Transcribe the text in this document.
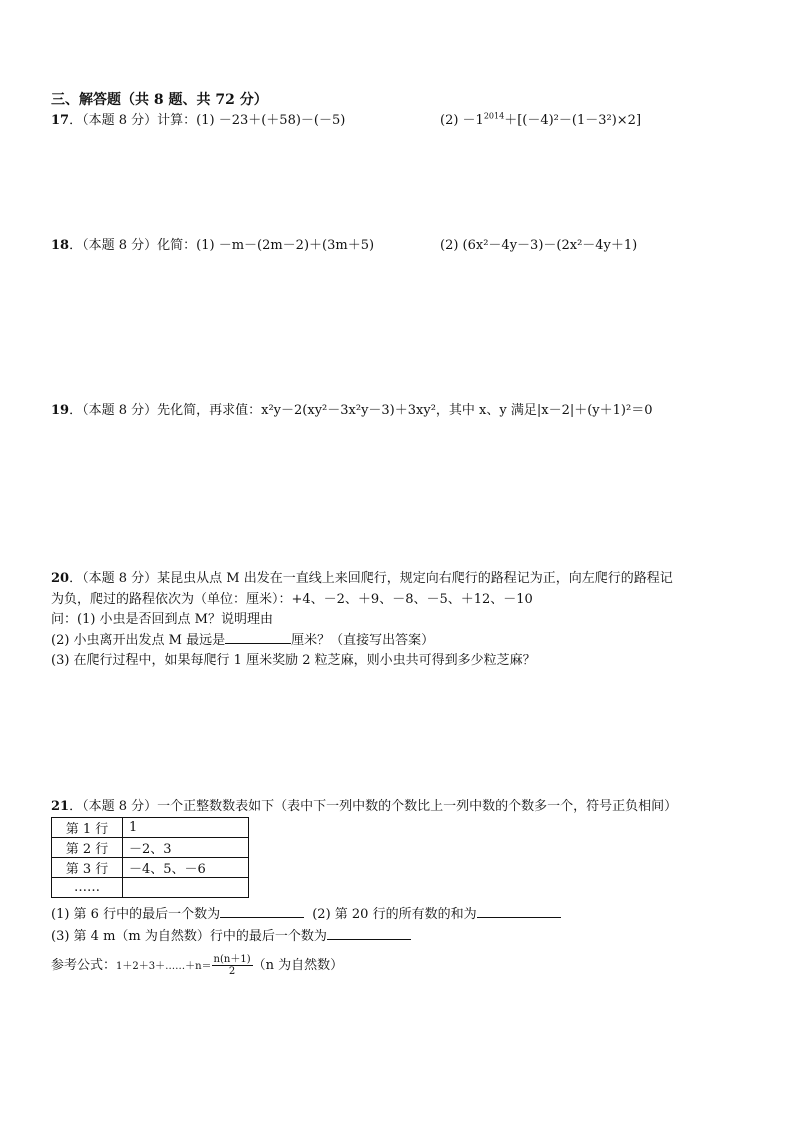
三、解答题（共 8 题、共 72 分）
17．（本题 8 分）计算：(1) －23＋(＋58)－(－5)	$(2) -1^{2014}+[(-4)^2-(1-3^2)\times 2]$
18．（本题 8 分）化简：(1) －m－(2m－2)＋(3m＋5)	(2) (6x²－4y－3)－(2x²－4y＋1)
19．（本题 8 分）先化简，再求值：x²y－2(xy²－3x²y－3)＋3xy²，其中 x、y 满足|x－2|＋(y＋1)²＝0
20．（本题 8 分）某昆虫从点 M 出发在一直线上来回爬行，规定向右爬行的路程记为正，向左爬行的路程记
为负，爬过的路程依次为（单位：厘米）：+4、－2、＋9、－8、－5、＋12、－10
问：(1) 小虫是否回到点 M？说明理由
(2) 小虫离开出发点 M 最远是	厘米？（直接写出答案）
(3) 在爬行过程中，如果每爬行 1 厘米奖励 2 粒芝麻，则小虫共可得到多少粒芝麻？
21．（本题 8 分）一个正整数数表如下（表中下一列中数的个数比上一列中数的个数多一个，符号正负相间）
第 1 行	1
第 2 行	－2、3
第 3 行	－4、5、－6
……	
(1) 第 6 行中的最后一个数为	(2) 第 20 行的所有数的和为
(3) 第 4 m（m 为自然数）行中的最后一个数为
参考公式：1＋2＋3＋……＋n＝ $\frac{n(n+1)}{2} (n$ 为自然数）
